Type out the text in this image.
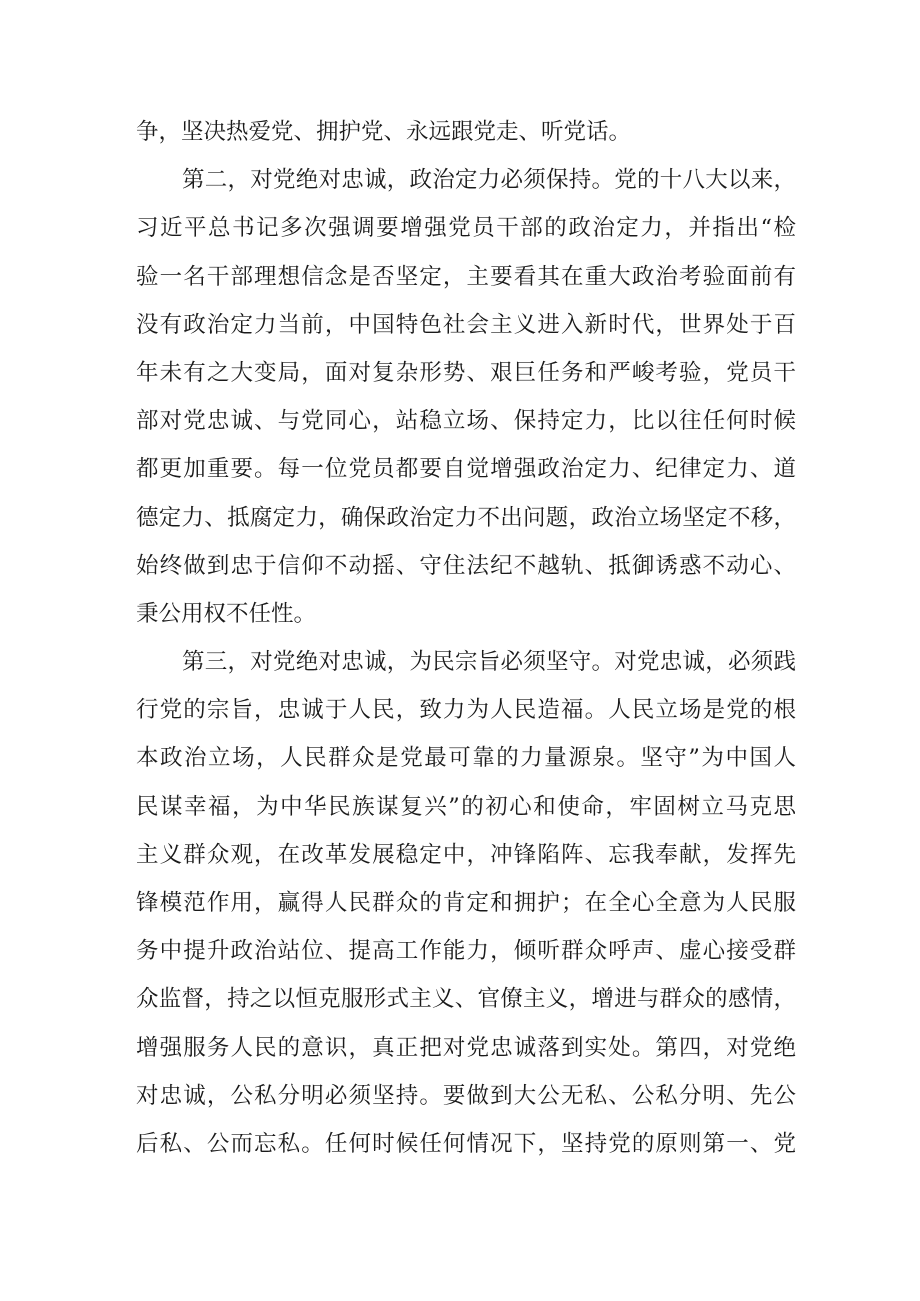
争，坚决热爱党、拥护党、永远跟党走、听党话。
第二，对党绝对忠诚，政治定力必须保持。党的十八大以来，
习近平总书记多次强调要增强党员干部的政治定力，并指出“检
验一名干部理想信念是否坚定，主要看其在重大政治考验面前有
没有政治定力当前，中国特色社会主义进入新时代，世界处于百
年未有之大变局，面对复杂形势、艰巨任务和严峻考验，党员干
部对党忠诚、与党同心，站稳立场、保持定力，比以往任何时候
都更加重要。每一位党员都要自觉增强政治定力、纪律定力、道
德定力、抵腐定力，确保政治定力不出问题，政治立场坚定不移，
始终做到忠于信仰不动摇、守住法纪不越轨、抵御诱惑不动心、
秉公用权不任性。
第三，对党绝对忠诚，为民宗旨必须坚守。对党忠诚，必须践
行党的宗旨，忠诚于人民，致力为人民造福。人民立场是党的根
本政治立场，人民群众是党最可靠的力量源泉。坚守”为中国人
民谋幸福，为中华民族谋复兴”的初心和使命，牢固树立马克思
主义群众观，在改革发展稳定中，冲锋陷阵、忘我奉献，发挥先
锋模范作用，赢得人民群众的肯定和拥护；在全心全意为人民服
务中提升政治站位、提高工作能力，倾听群众呼声、虚心接受群
众监督，持之以恒克服形式主义、官僚主义，增进与群众的感情，
增强服务人民的意识，真正把对党忠诚落到实处。第四，对党绝
对忠诚，公私分明必须坚持。要做到大公无私、公私分明、先公
后私、公而忘私。任何时候任何情况下，坚持党的原则第一、党
